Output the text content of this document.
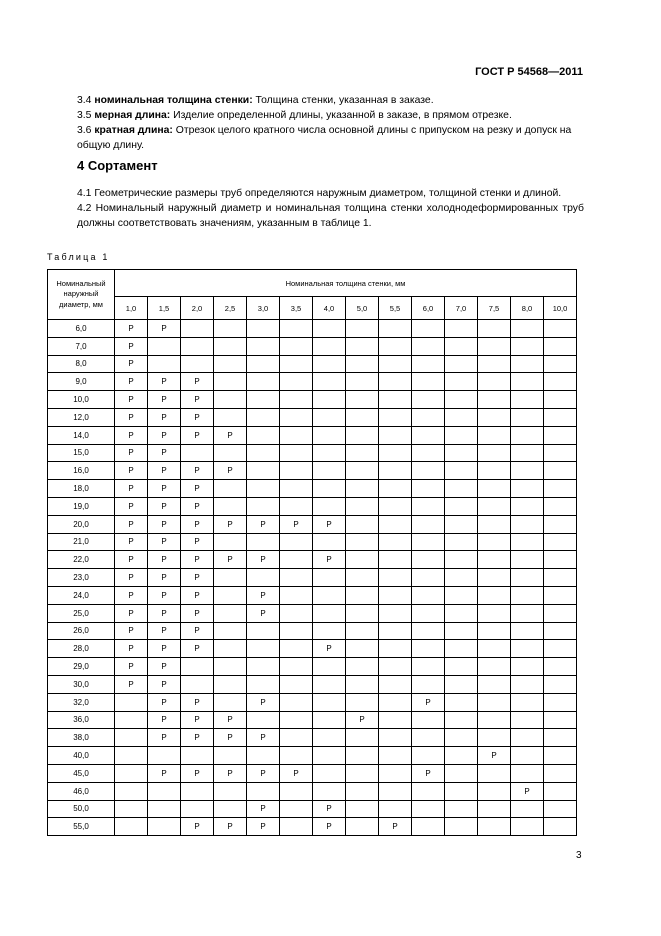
ГОСТ Р 54568—2011

3.4 номинальная толщина стенки: Толщина стенки, указанная в заказе.

3.5 мерная длина: Изделие определенной длины, указанной в заказе, в прямом отрезке.

3.6 кратная длина: Отрезок целого кратного числа основной длины с припуском на резку и допуск на общую длину.

4 Сортамент

4.1 Геометрические размеры труб определяются наружным диаметром, толщиной стенки и длиной.

4.2 Номинальный наружный диаметр и номинальная толщина стенки холоднодеформированных труб должны соответствовать значениям, указанным в таблице 1.

Таблица 1
Номинальный наружный диаметр, мм	Номинальная толщина стенки, мм													
	1,0	1,5	2,0	2,5	3,0	3,5	4,0	5,0	5,5	6,0	7,0	7,5	8,0	10,0
6,0	Р	Р												
7,0	Р													
8,0	Р													
9,0	Р	Р	Р											
10,0	Р	Р	Р											
12,0	Р	Р	Р											
14,0	Р	Р	Р	Р										
15,0	Р	Р												
16,0	Р	Р	Р	Р										
18,0	Р	Р	Р											
19,0	Р	Р	Р											
20,0	Р	Р	Р	Р	Р	Р	Р							
21,0	Р	Р	Р											
22,0	Р	Р	Р	Р	Р		Р							
23,0	Р	Р	Р											
24,0	Р	Р	Р		Р									
25,0	Р	Р	Р		Р									
26,0	Р	Р	Р											
28,0	Р	Р	Р				Р							
29,0	Р	Р												
30,0	Р	Р												
32,0		Р	Р		Р					Р				
36,0		Р	Р	Р				Р						
38,0		Р	Р	Р	Р									
40,0												Р		
45,0		Р	Р	Р	Р	Р				Р				
46,0													Р	
50,0					Р		Р							
55,0			Р	Р	Р		Р		Р					
3
